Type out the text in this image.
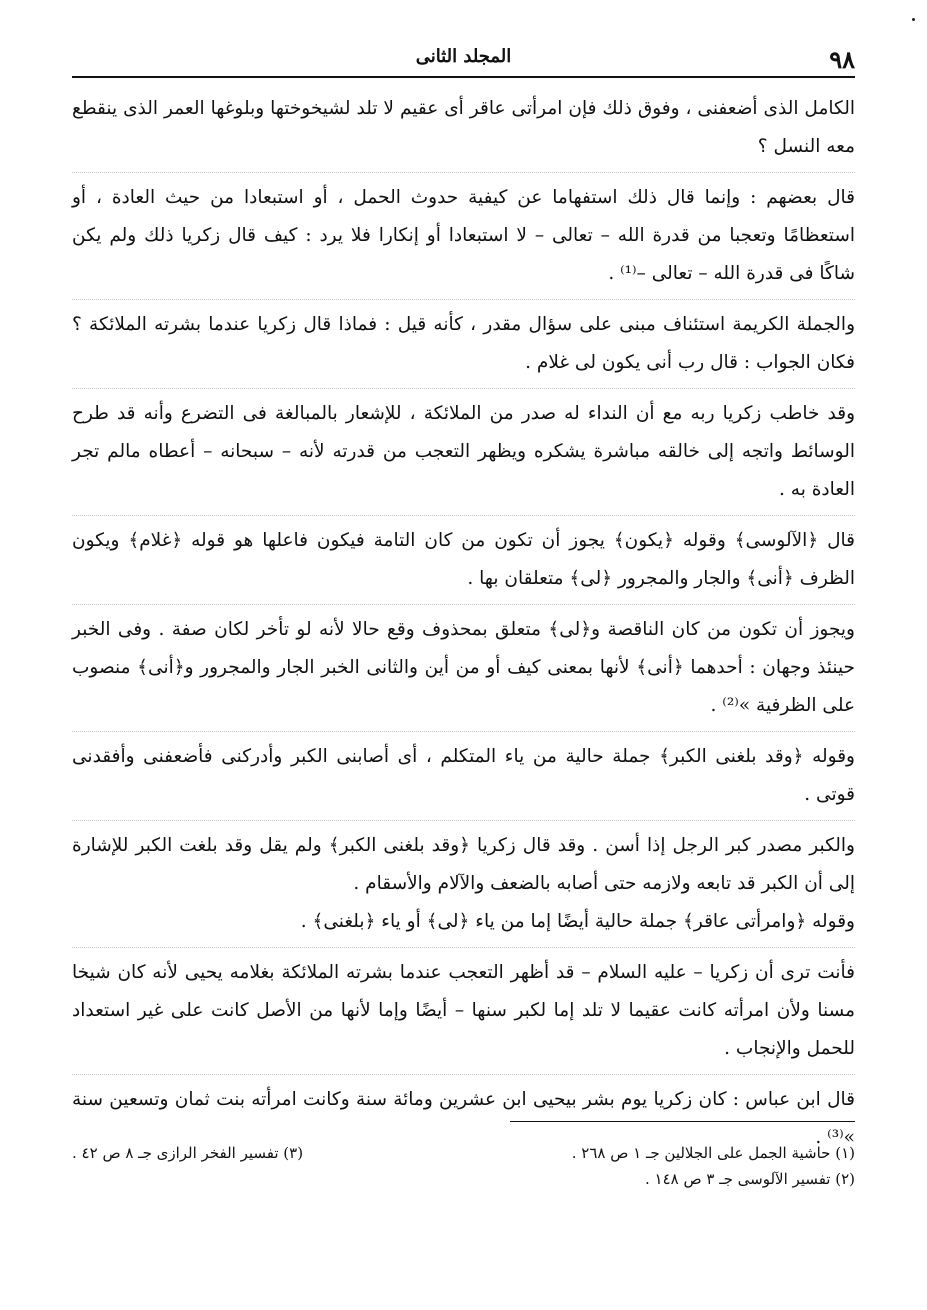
٩٨
المجلد الثانى

الكامل الذى أضعفنى ، وفوق ذلك فإن امرأتى عاقر أى عقيم لا تلد لشيخوختها وبلوغها العمر الذى ينقطع معه النسل ؟

قال بعضهم : وإنما قال ذلك استفهاما عن كيفية حدوث الحمل ، أو استبعادا من حيث العادة ، أو استعظامًا وتعجبا من قدرة الله – تعالى – لا استبعادا أو إنكارا فلا يرد : كيف قال زكريا ذلك ولم يكن شاكًا فى قدرة الله – تعالى –⁽¹⁾ .

والجملة الكريمة استئناف مبنى على سؤال مقدر ، كأنه قيل : فماذا قال زكريا عندما بشرته الملائكة ؟ فكان الجواب : قال رب أنى يكون لى غلام .

وقد خاطب زكريا ربه مع أن النداء له صدر من الملائكة ، للإشعار بالمبالغة فى التضرع وأنه قد طرح الوسائط واتجه إلى خالقه مباشرة يشكره ويظهر التعجب من قدرته لأنه – سبحانه – أعطاه مالم تجر العادة به .

قال ﴿الآلوسى﴾ وقوله ﴿يكون﴾ يجوز أن تكون من كان التامة فيكون فاعلها هو قوله ﴿غلام﴾ ويكون الظرف ﴿أنى﴾ والجار والمجرور ﴿لى﴾ متعلقان بها .

ويجوز أن تكون من كان الناقصة و﴿لى﴾ متعلق بمحذوف وقع حالا لأنه لو تأخر لكان صفة . وفى الخبر حينئذ وجهان : أحدهما ﴿أنى﴾ لأنها بمعنى كيف أو من أين والثانى الخبر الجار والمجرور و﴿أنى﴾ منصوب على الظرفية »⁽²⁾ .

وقوله ﴿وقد بلغنى الكبر﴾ جملة حالية من ياء المتكلم ، أى أصابنى الكبر وأدركنى فأضعفنى وأفقدنى قوتى .

والكبر مصدر كبر الرجل إذا أسن . وقد قال زكريا ﴿وقد بلغنى الكبر﴾ ولم يقل وقد بلغت الكبر للإشارة إلى أن الكبر قد تابعه ولازمه حتى أصابه بالضعف والآلام والأسقام .
وقوله ﴿وامرأتى عاقر﴾ جملة حالية أيضًا إما من ياء ﴿لى﴾ أو ياء ﴿بلغنى﴾ .

فأنت ترى أن زكريا – عليه السلام – قد أظهر التعجب عندما بشرته الملائكة بغلامه يحيى لأنه كان شيخا مسنا ولأن امرأته كانت عقيما لا تلد إما لكبر سنها – أيضًا وإما لأنها من الأصل كانت على غير استعداد للحمل والإنجاب .

قال ابن عباس : كان زكريا يوم بشر بيحيى ابن عشرين ومائة سنة وكانت امرأته بنت ثمان وتسعين سنة »⁽³⁾ .

(١) حاشية الجمل على الجلالين جـ ١ ص ٢٦٨ .
(٣) تفسير الفخر الرازى جـ ٨ ص ٤٢ .
(٢) تفسير الآلوسى جـ ٣ ص ١٤٨ .
